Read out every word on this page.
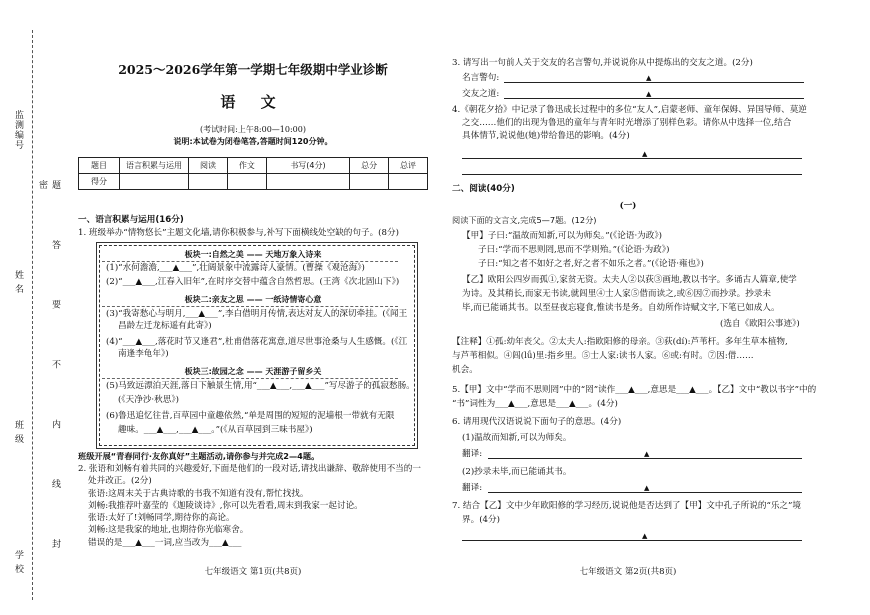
监测编号
姓 名
班 级
学 校	题 答 要 不 内 线 封 密
2025～2026学年第一学期七年级期中学业诊断
语 文
(考试时间:上午8:00—10:00)
说明:本试卷为闭卷笔答,答题时间120分钟。
题目	语言积累与运用	阅读	作文	书写(4分)	总分	总评
得分						
一、语言积累与运用(16分)
1. 班级举办“情物悠长”主题文化墙,请你积极参与,补写下面横线处空缺的句子。(8分)
板块一:自然之美 —— 天地万象入诗来
(1)“水何澹澹,___▲___”,壮阔景象中流露诗人豪情。(曹操《观沧海》)
(2)“___▲___,江春入旧年”,在时序交替中蕴含自然哲思。(王湾《次北固山下》)
板块二:亲友之思 —— 一纸诗情寄心意
(3)“我寄愁心与明月,___▲___”,李白借明月传情,表达对友人的深切牵挂。(《闻王
昌龄左迁龙标遥有此寄》)
(4)“___▲___,落花时节又逢君”,杜甫借落花寓意,道尽世事沧桑与人生感慨。(《江
南逢李龟年》)
板块三:故园之念 —— 天涯游子留乡关
(5)马致远漂泊天涯,落日下触景生情,用“___▲___,___▲___”写尽游子的孤寂愁肠。
(《天净沙·秋思》)
(6)鲁迅追忆往昔,百草园中童趣依然,“单是周围的短短的泥墙根一带就有无限
趣味。___▲___,___▲___。”(《从百草园到三味书屋》)
班级开展“青春同行·友你真好”主题活动,请你参与并完成2—4题。
2. 张语和刘畅有着共同的兴趣爱好,下面是他们的一段对话,请找出谦辞、敬辞使用不当的一
处并改正。(2分)
张语:这周末关于古典诗歌的书我不知道有没有,帮忙找找。
刘畅:我推荐叶嘉莹的《迦陵谈诗》,你可以先看看,周末到我家一起讨论。
张语:太好了!刘畅同学,期待你的高论。
刘畅:这是我家的地址,也期待你光临寒舍。
错误的是___▲___一词,应当改为___▲___
七年级语文 第1页(共8页)
3. 请写出一句前人关于交友的名言警句,并说说你从中提炼出的交友之道。(2分)
名言警句:	▲
交友之道:	▲
4.《朝花夕拾》中记录了鲁迅成长过程中的多位“友人”,启蒙老师、童年保姆、异国导师、莫逆
之交……他们的出现为鲁迅的童年与青年时光增添了别样色彩。请你从中选择一位,结合
具体情节,说说他(她)带给鲁迅的影响。(4分)
▲
二、阅读(40分)
(一)
阅读下面的文言文,完成5—7题。(12分)
【甲】子曰:“温故而知新,可以为师矣。”(《论语·为政》)
子曰:“学而不思则罔,思而不学则殆。”(《论语·为政》)
子曰:“知之者不如好之者,好之者不如乐之者。”(《论语·雍也》)
【乙】欧阳公四岁而孤①,家贫无资。太夫人②以荻③画地,教以书字。多诵古人篇章,使学
为诗。及其稍长,而家无书读,就闾里④士人家⑤借而读之,或⑥因⑦而抄录。抄录未
毕,而已能诵其书。以至昼夜忘寝食,惟读书是务。自幼所作诗赋文字,下笔已如成人。
(选自《欧阳公事迹》)
【注释】①孤:幼年丧父。②太夫人:指欧阳修的母亲。③荻(dí):芦苇杆。多年生草本植物,
与芦苇相似。④闾(lǘ)里:指乡里。⑤士人家:读书人家。⑥或:有时。⑦因:借……
机会。
5.【甲】文中“学而不思则罔”中的“罔”读作___▲___,意思是___▲___。【乙】文中“教以书字”中的
“书”词性为___▲___,意思是___▲___。(4分)
6. 请用现代汉语说说下面句子的意思。(4分)
(1)温故而知新,可以为师矣。
翻译:	▲
(2)抄录未毕,而已能诵其书。
翻译:	▲
7. 结合【乙】文中少年欧阳修的学习经历,说说他是否达到了【甲】文中孔子所说的“乐之”境
界。(4分)
▲
七年级语文 第2页(共8页)
